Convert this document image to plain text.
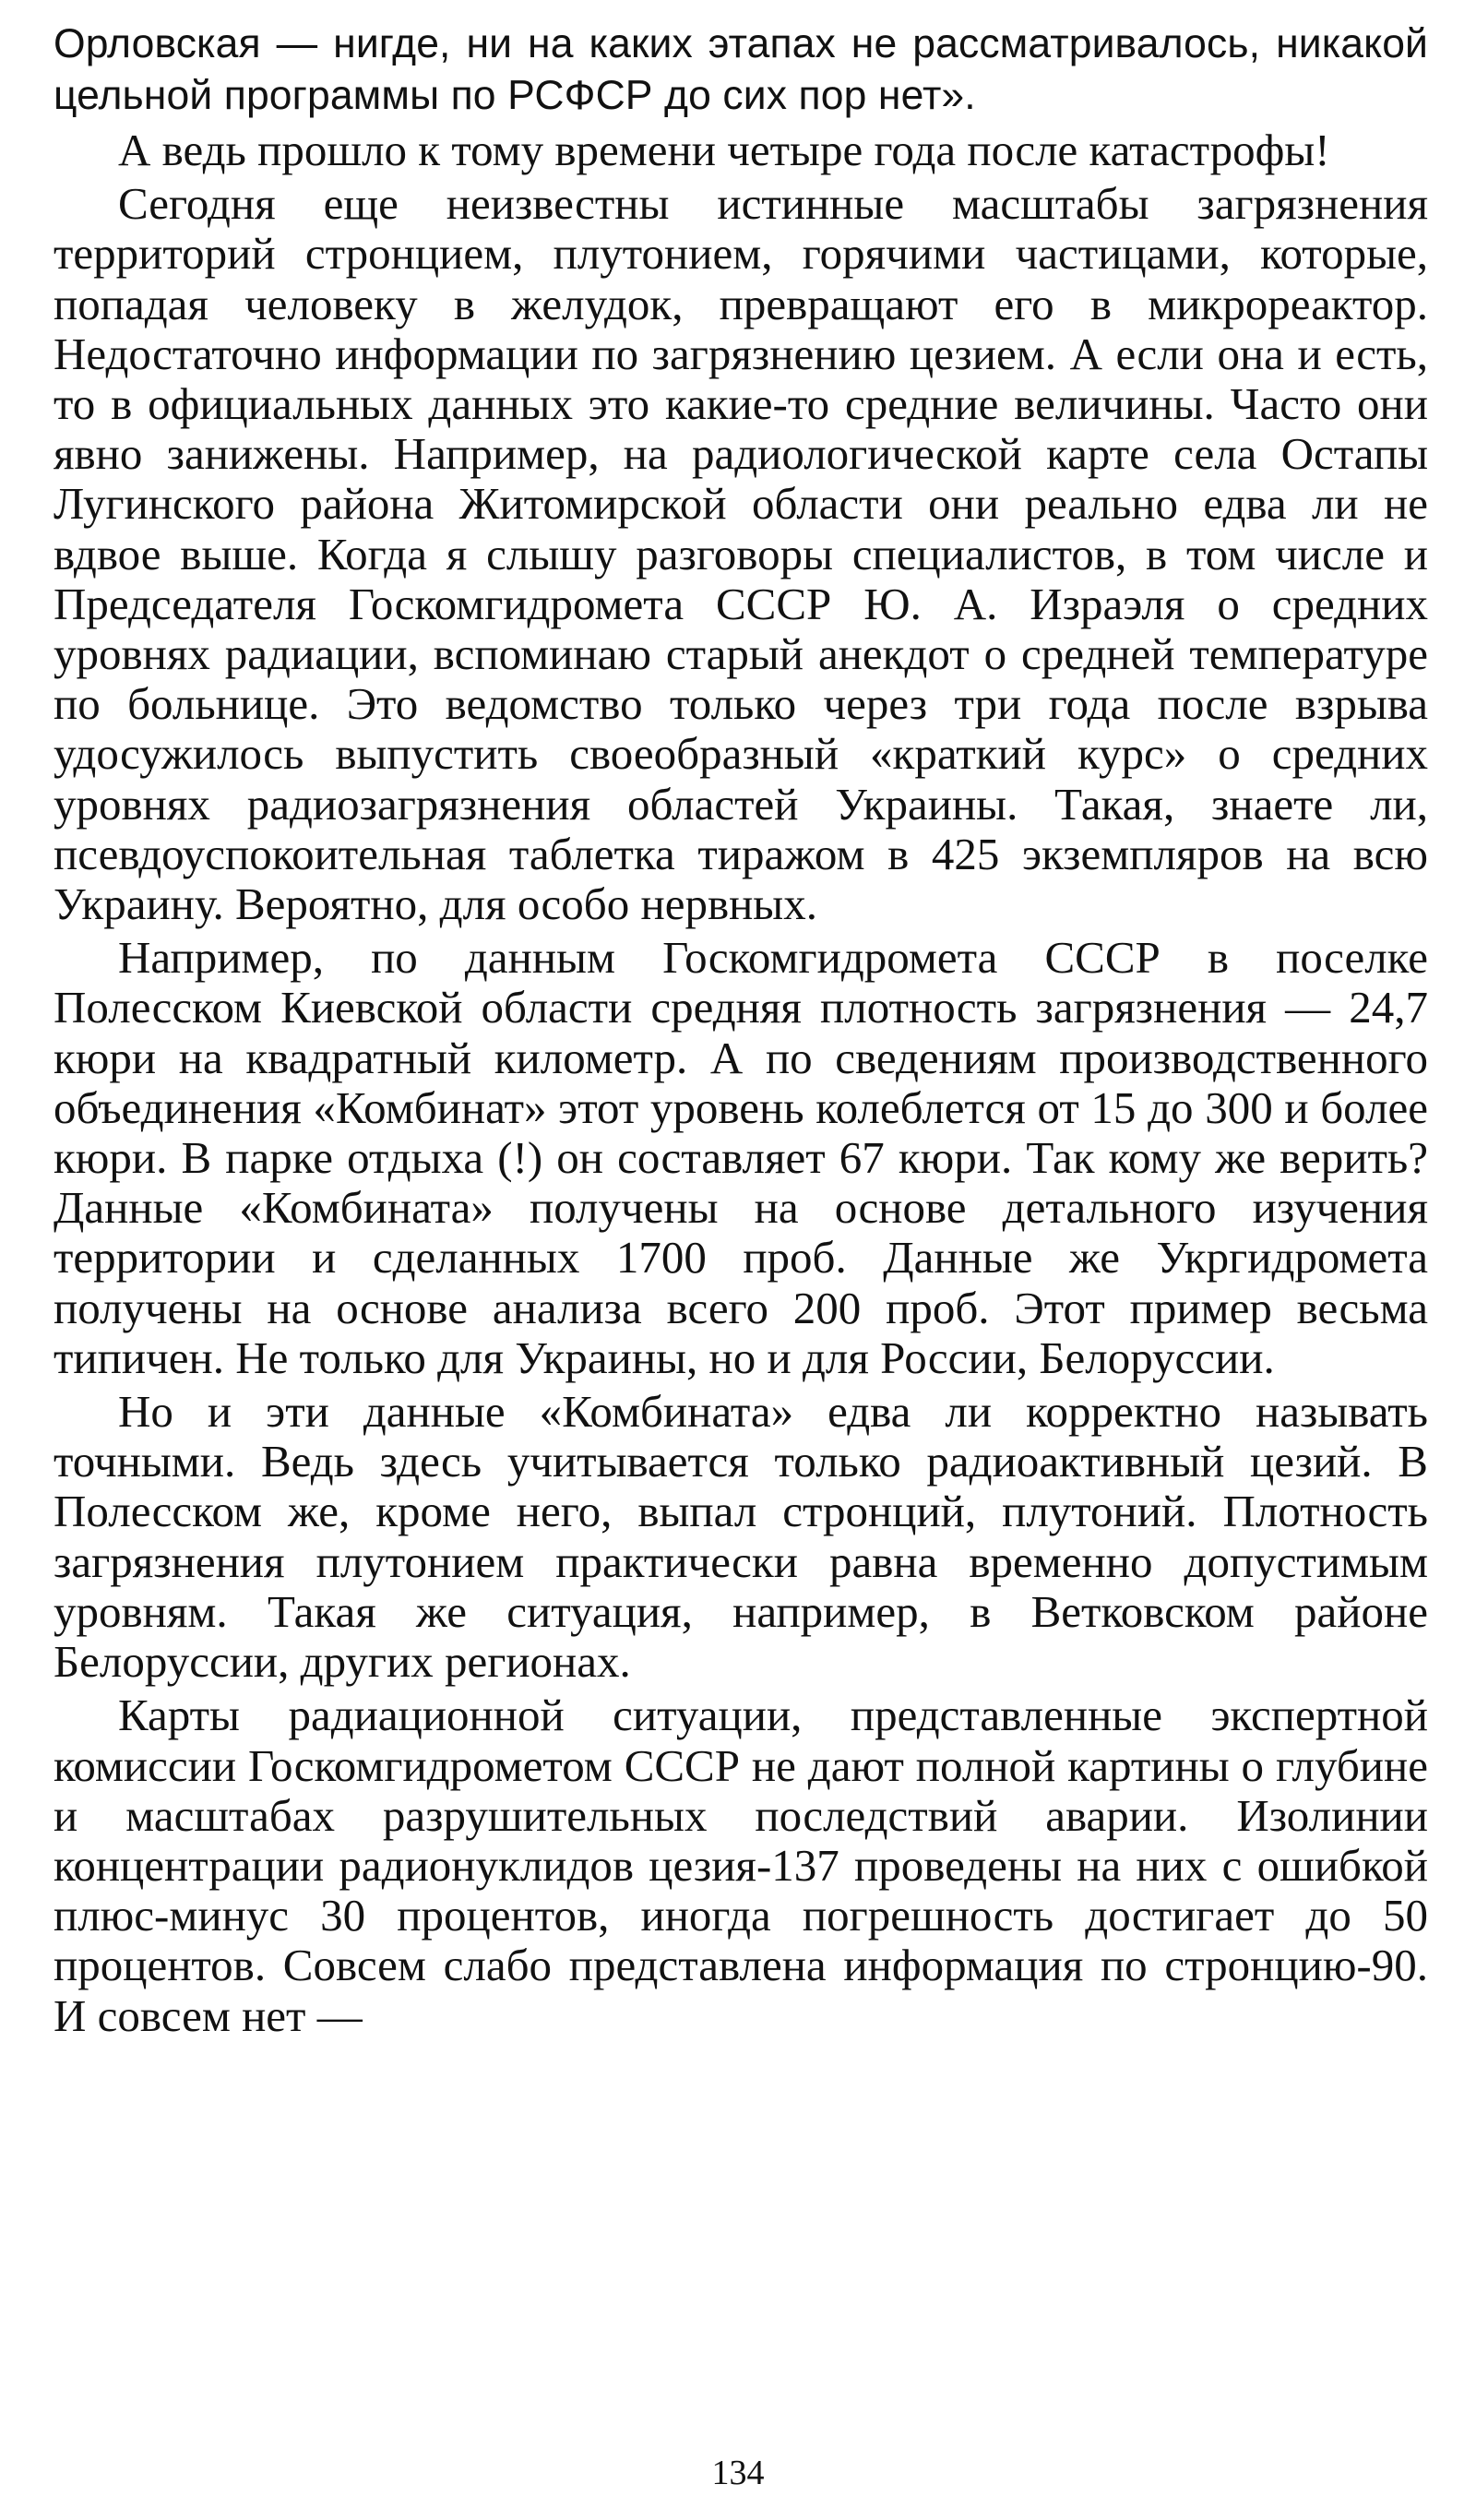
Орловская — нигде, ни на каких этапах не рассматривалось, никакой цельной программы по РСФСР до сих пор нет».

А ведь прошло к тому времени четыре года после катастрофы!

Сегодня еще неизвестны истинные масштабы загрязнения территорий стронцием, плутонием, горячими частицами, которые, попадая человеку в желудок, превращают его в микрореактор. Недостаточно информации по загрязнению цезием. А если она и есть, то в официальных данных это какие-то средние величины. Часто они явно занижены. Например, на радиологической карте села Остапы Лугинского района Житомирской области они реально едва ли не вдвое выше. Когда я слышу разговоры специалистов, в том числе и Председателя Госкомгидромета СССР Ю. А. Израэля о средних уровнях радиации, вспоминаю старый анекдот о средней температуре по больнице. Это ведомство только через три года после взрыва удосужилось выпустить своеобразный «краткий курс» о средних уровнях радиозагрязнения областей Украины. Такая, знаете ли, псевдоуспокоительная таблетка тиражом в 425 экземпляров на всю Украину. Вероятно, для особо нервных.

Например, по данным Госкомгидромета СССР в поселке Полесском Киевской области средняя плотность загрязнения — 24,7 кюри на квадратный километр. А по сведениям производственного объединения «Комбинат» этот уровень колеблется от 15 до 300 и более кюри. В парке отдыха (!) он составляет 67 кюри. Так кому же верить? Данные «Комбината» получены на основе детального изучения территории и сделанных 1700 проб. Данные же Укргидромета получены на основе анализа всего 200 проб. Этот пример весьма типичен. Не только для Украины, но и для России, Белоруссии.

Но и эти данные «Комбината» едва ли корректно называть точными. Ведь здесь учитывается только радиоактивный цезий. В Полесском же, кроме него, выпал стронций, плутоний. Плотность загрязнения плутонием практически равна временно допустимым уровням. Такая же ситуация, например, в Ветковском районе Белоруссии, других регионах.

Карты радиационной ситуации, представленные экспертной комиссии Госкомгидрометом СССР не дают полной картины о глубине и масштабах разрушительных последствий аварии. Изолинии концентрации радионуклидов цезия-137 проведены на них с ошибкой плюс-минус 30 процентов, иногда погрешность достигает до 50 процентов. Совсем слабо представлена информация по стронцию-90. И совсем нет —

134
